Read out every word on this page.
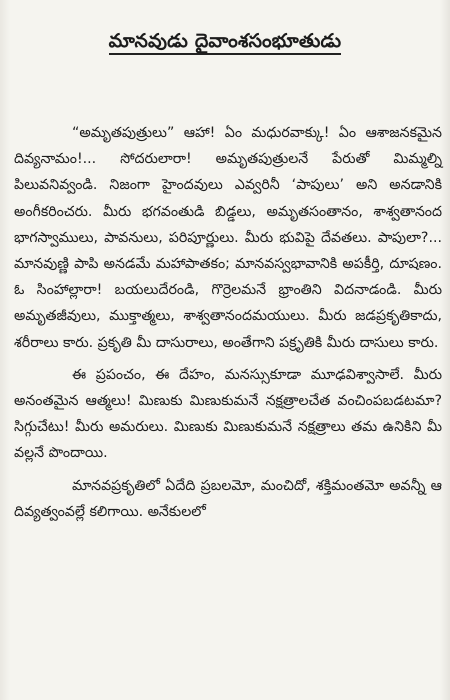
మానవుడు దైవాంశసంభూతుడు

“అమృతపుత్రులు” ఆహా! ఏం మధురవాక్కు! ఏం ఆశాజనకమైన దివ్యనామం!... సోదరులారా! అమృతపుత్రులనే పేరుతో మిమ్మల్ని పిలువనివ్వండి. నిజంగా హైందవులు ఎవ్వరినీ ‘పాపులు’ అని అనడానికి అంగీకరించరు. మీరు భగవంతుడి బిడ్డలు, అమృతసంతానం, శాశ్వతానంద భాగస్వాములు, పావనులు, పరిపూర్ణులు. మీరు భువిపై దేవతలు. పాపులా?... మానవుణ్ణి పాపి అనడమే మహాపాతకం; మానవస్వభావానికి అపకీర్తి, దూషణం. ఓ సింహాల్లారా! బయలుదేరండి, గొర్రెలమనే భ్రాంతిని విదనాడండి. మీరు అమృతజీవులు, ముక్తాత్మలు, శాశ్వతానందమయులు. మీరు జడప్రకృతికాదు, శరీరాలు కారు. ప్రకృతి మీ దాసురాలు, అంతేగాని పక్రృతికి మీరు దాసులు కారు.

ఈ ప్రపంచం, ఈ దేహం, మనస్సుకూడా మూఢవిశ్వాసాలే. మీరు అనంతమైన ఆత్మలు! మిణుకు మిణుకుమనే నక్షత్రాలచేత వంచింపబడటమా? సిగ్గుచేటు! మీరు అమరులు. మిణుకు మిణుకుమనే నక్షత్రాలు తమ ఉనికిని మీ వల్లనే పొందాయి.

మానవప్రకృతిలో ఏదేది ప్రబలమో, మంచిదో, శక్తిమంతమో అవన్నీ ఆ దివ్యత్వంవల్లే కలిగాయి. అనేకులలో
